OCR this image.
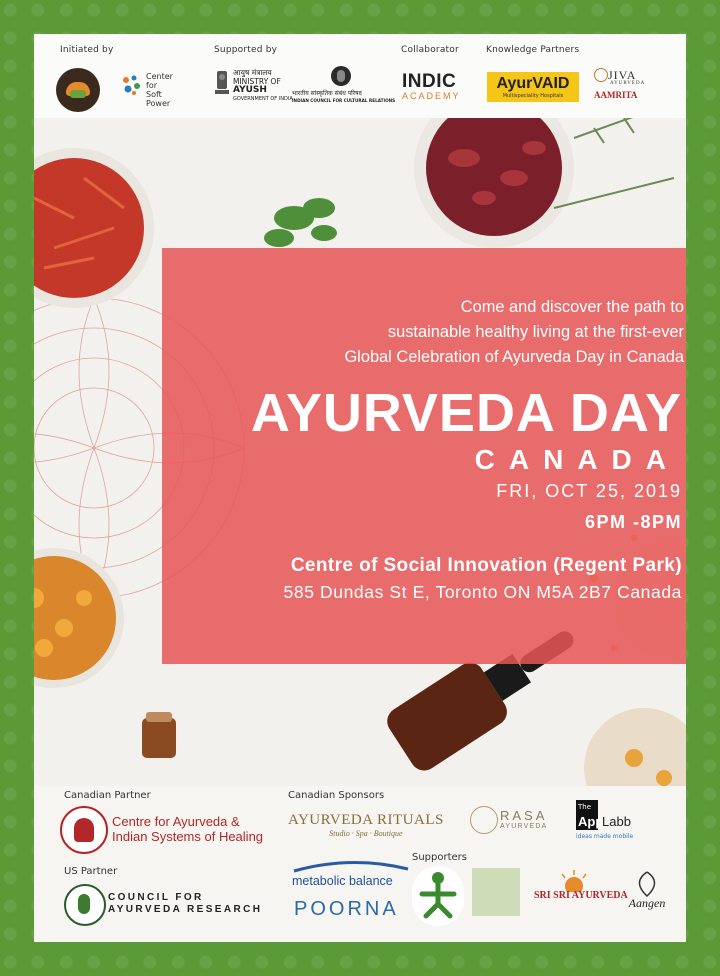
Initiated by	Supported by	Collaborator	Knowledge Partners
Center
for
Soft
Power
आयुष मंत्रालय
MINISTRY OF
AYUSH
GOVERNMENT OF INDIA
भारतीय सांस्कृतिक संबंध परिषद
INDIAN COUNCIL FOR CULTURAL RELATIONS
INDIC
ACADEMY
AyurVAID
Multispeciality Hospitals
JIVA
AYURVEDA
AAMRITA
Come and discover the path to
sustainable healthy living at the first-ever
Global Celebration of Ayurveda Day in Canada
AYURVEDA DAY
CANADA
FRI, OCT 25, 2019
6PM -8PM
Centre of Social Innovation (Regent Park)
585 Dundas St E, Toronto ON M5A 2B7 Canada
Canadian Partner	Canadian Sponsors
Supporters
US Partner
Centre for Ayurveda &
Indian Systems of Healing
COUNCIL FOR
AYURVEDA RESEARCH
AYURVEDA RITUALS
Studio · Spa · Boutique
RASA
AYURVEDA
The
App
Labb
ideas made mobile
metabolic balance
POORNA
SRI SRI AYURVEDA
Aangen
